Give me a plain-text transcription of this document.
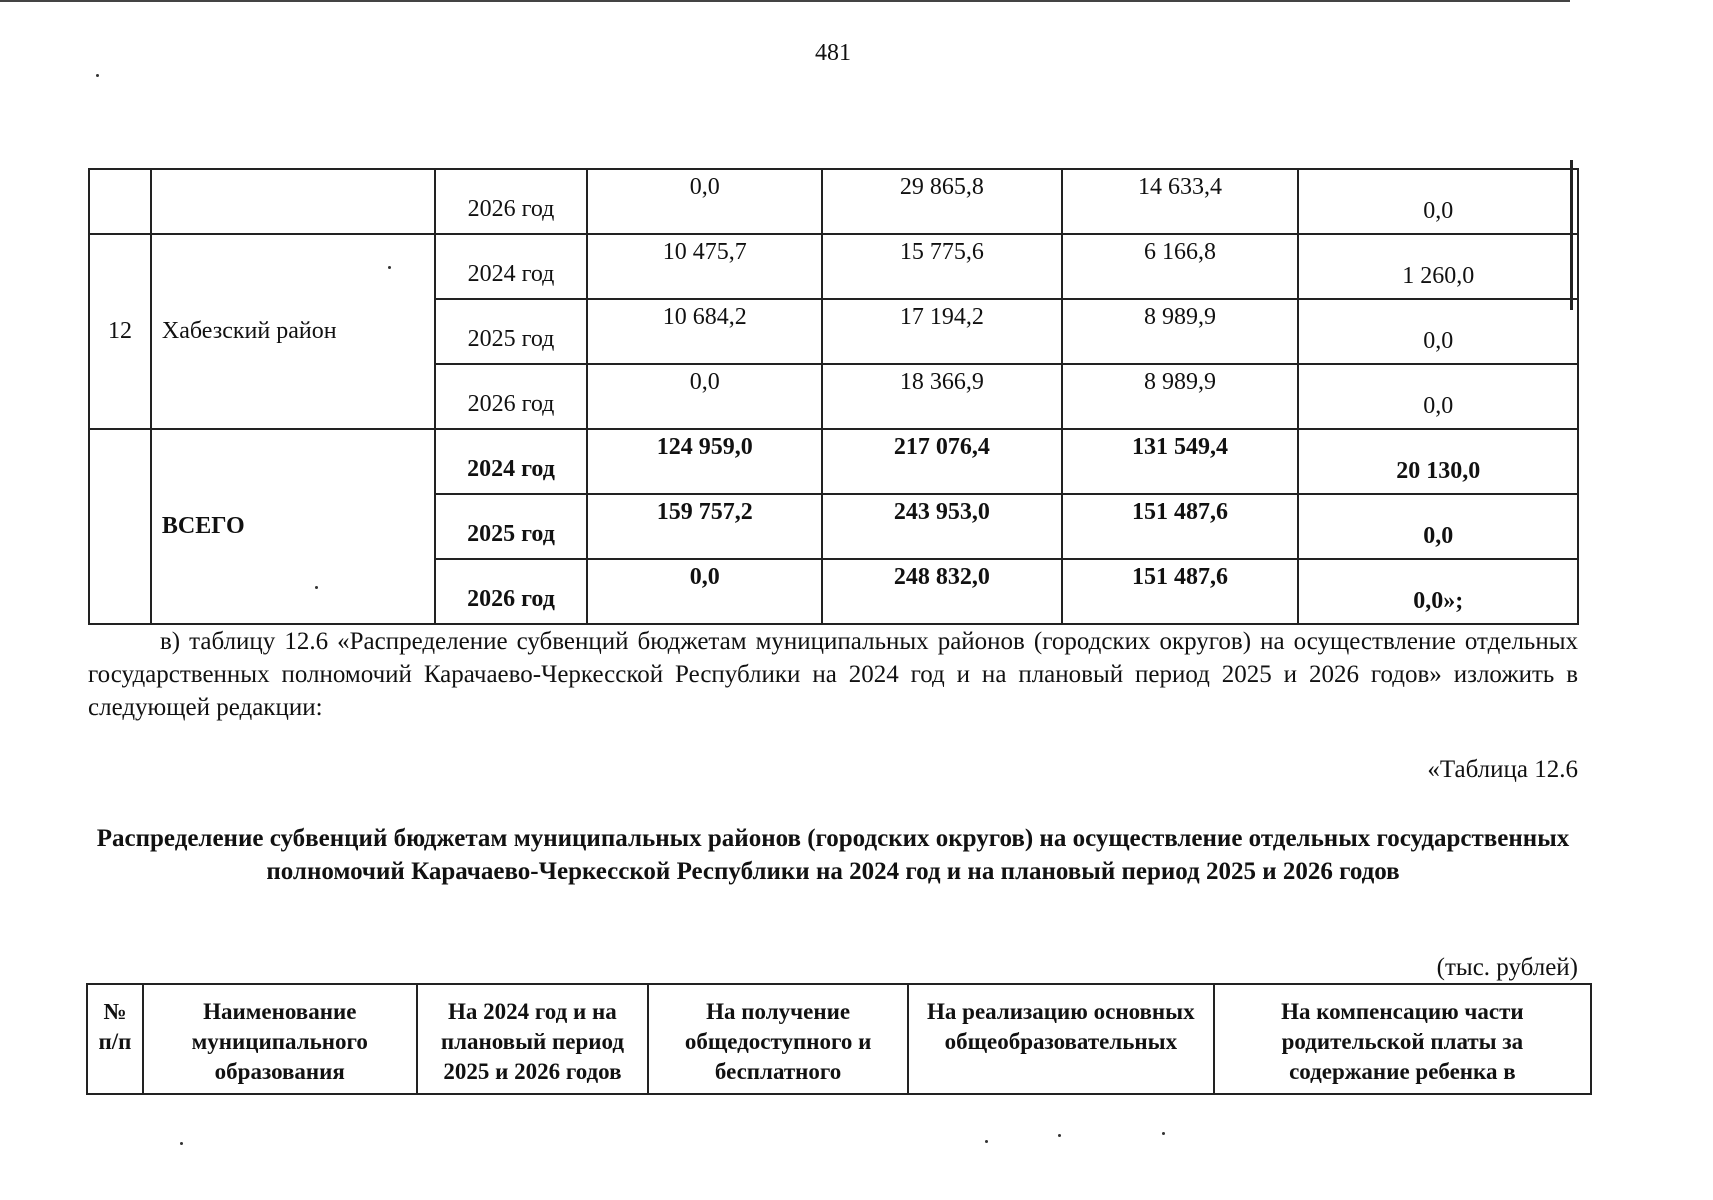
481
		2026 год	0,0	29 865,8	14 633,4	0,0
12	Хабезский район	2024 год	10 475,7	15 775,6	6 166,8	1 260,0
		2025 год	10 684,2	17 194,2	8 989,9	0,0
		2026 год	0,0	18 366,9	8 989,9	0,0
	ВСЕГО	2024 год	124 959,0	217 076,4	131 549,4	20 130,0
		2025 год	159 757,2	243 953,0	151 487,6	0,0
		2026 год	0,0	248 832,0	151 487,6	0,0»;

в) таблицу 12.6 «Распределение субвенций бюджетам муниципальных районов (городских округов) на осуществление отдельных государственных полномочий Карачаево-Черкесской Республики на 2024 год и на плановый период 2025 и 2026 годов» изложить в следующей редакции:

«Таблица 12.6

Распределение субвенций бюджетам муниципальных районов (городских округов) на осуществление отдельных государственных полномочий Карачаево-Черкесской Республики на 2024 год и на плановый период 2025 и 2026 годов

(тыс. рублей)
№ п/п	Наименование муниципального образования	На 2024 год и на плановый период 2025 и 2026 годов	На получение общедоступного и бесплатного	На реализацию основных общеобразовательных	На компенсацию части родительской платы за содержание ребенка в
